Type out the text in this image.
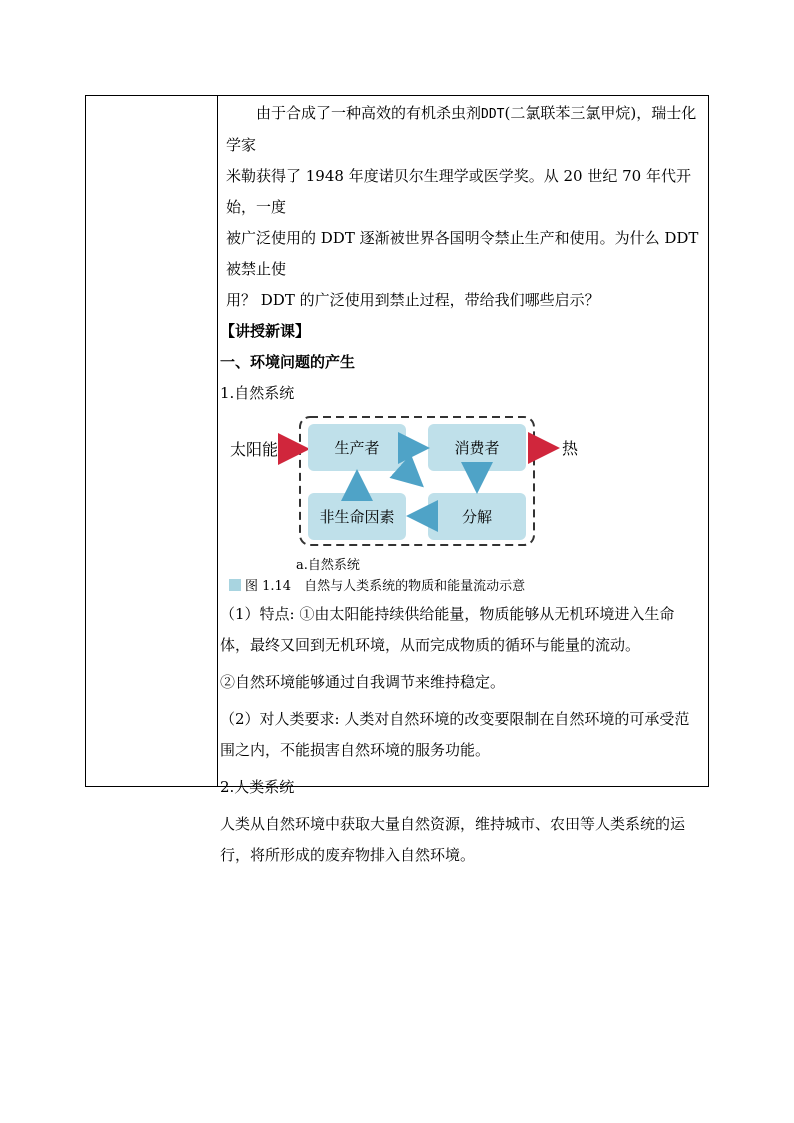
由于合成了一种高效的有机杀虫剂DDT(二氯联苯三氯甲烷)，瑞士化学家
米勒获得了 1948 年度诺贝尔生理学或医学奖。从 20 世纪 70 年代开始，一度
被广泛使用的 DDT 逐渐被世界各国明令禁止生产和使用。为什么 DDT 被禁止使
用？ DDT 的广泛使用到禁止过程，带给我们哪些启示？

【讲授新课】

一、环境问题的产生

1.自然系统

太阳能	生产者	消费者
非生命因素	分解
热
a.自然系统
图 1.14　自然与人类系统的物质和能量流动示意

（1）特点: ①由太阳能持续供给能量，物质能够从无机环境进入生命体，最终又回到无机环境，从而完成物质的循环与能量的流动。

②自然环境能够通过自我调节来维持稳定。

（2）对人类要求: 人类对自然环境的改变要限制在自然环境的可承受范围之内，不能损害自然环境的服务功能。

2.人类系统

人类从自然环境中获取大量自然资源，维持城市、农田等人类系统的运行，将所形成的废弃物排入自然环境。
